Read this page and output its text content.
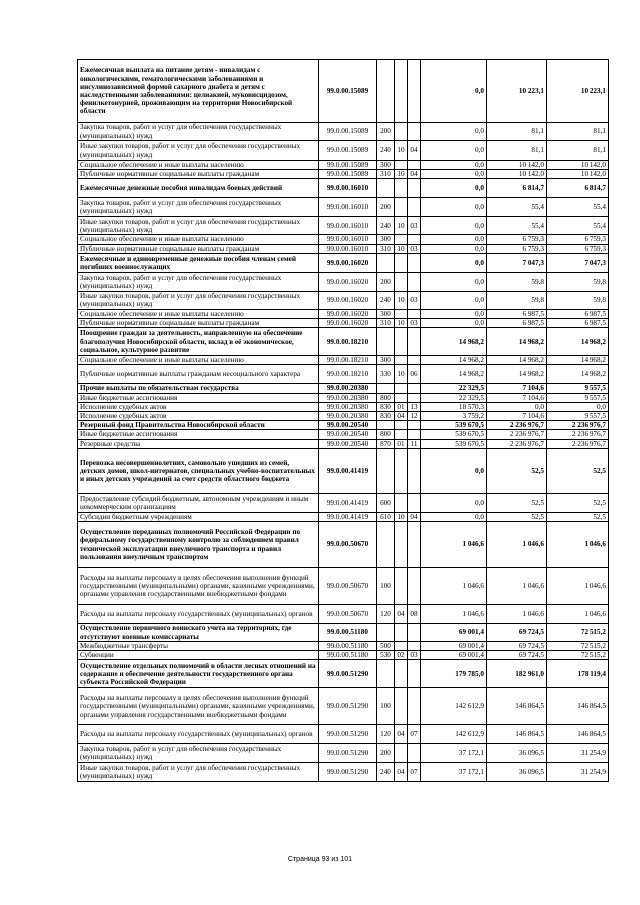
Ежемесячная выплата на питание детям - инвалидам с онкологическими, гематологическими заболеваниями и инсулинозависимой формой сахарного диабета и детям с наследственными заболеваниями: целиакией, муковисцидозом, фенилкетонурией, проживающим на территории Новосибирской области	99.0.00.15089				0,0	10 223,1	10 223,1
Закупка товаров, работ и услуг для обеспечения государственных (муниципальных) нужд	99.0.00.15089	200			0,0	81,1	81,1
Иные закупки товаров, работ и услуг для обеспечения государственных (муниципальных) нужд	99.0.00.15089	240	10	04	0,0	81,1	81,1
Социальное обеспечение и иные выплаты населению	99.0.00.15089	300			0,0	10 142,0	10 142,0
Публичные нормативные социальные выплаты гражданам	99.0.00.15089	310	10	04	0,0	10 142,0	10 142,0
Ежемесячные денежные пособия инвалидам боевых действий	99.0.00.16010				0,0	6 814,7	6 814,7
Закупка товаров, работ и услуг для обеспечения государственных (муниципальных) нужд	99.0.00.16010	200			0,0	55,4	55,4
Иные закупки товаров, работ и услуг для обеспечения государственных (муниципальных) нужд	99.0.00.16010	240	10	03	0,0	55,4	55,4
Социальное обеспечение и иные выплаты населению	99.0.00.16010	300			0,0	6 759,3	6 759,3
Публичные нормативные социальные выплаты гражданам	99.0.00.16010	310	10	03	0,0	6 759,3	6 759,3
Ежемесячные и единовременные денежные пособия членам семей погибших военнослужащих	99.0.00.16020				0,0	7 047,3	7 047,3
Закупка товаров, работ и услуг для обеспечения государственных (муниципальных) нужд	99.0.00.16020	200			0,0	59,8	59,8
Иные закупки товаров, работ и услуг для обеспечения государственных (муниципальных) нужд	99.0.00.16020	240	10	03	0,0	59,8	59,8
Социальное обеспечение и иные выплаты населению	99.0.00.16020	300			0,0	6 987,5	6 987,5
Публичные нормативные социальные выплаты гражданам	99.0.00.16020	310	10	03	0,0	6 987,5	6 987,5
Поощрение граждан за деятельность, направленную на обеспечение благополучия Новосибирской области, вклад в её экономическое, социальное, культурное развитие	99.0.00.18210				14 968,2	14 968,2	14 968,2
Социальное обеспечение и иные выплаты населению	99.0.00.18210	300			14 968,2	14 968,2	14 968,2
Публичные нормативные выплаты гражданам несоциального характера	99.0.00.18210	330	10	06	14 968,2	14 968,2	14 968,2
Прочие выплаты по обязательствам государства	99.0.00.20380				22 329,5	7 104,6	9 557,5
Иные бюджетные ассигнования	99.0.00.20380	800			22 329,5	7 104,6	9 557,5
Исполнение судебных актов	99.0.00.20380	830	01	13	18 570,3	0,0	0,0
Исполнение судебных актов	99.0.00.20380	830	04	12	3 759,2	7 104,6	9 557,5
Резервный фонд Правительства Новосибирской области	99.0.00.20540				539 670,5	2 236 976,7	2 236 976,7
Иные бюджетные ассигнования	99.0.00.20540	800			539 670,5	2 236 976,7	2 236 976,7
Резервные средства	99.0.00.20540	870	01	11	539 670,5	2 236 976,7	2 236 976,7
Перевозка несовершеннолетних, самовольно ушедших из семей, детских домов, школ-интернатов, специальных учебно-воспитательных и иных детских учреждений за счет средств областного бюджета	99.0.00.41419				0,0	52,5	52,5
Предоставление субсидий бюджетным, автономным учреждениям и иным некоммерческим организациям	99.0.00.41419	600			0,0	52,5	52,5
Субсидии бюджетным учреждениям	99.0.00.41419	610	10	04	0,0	52,5	52,5
Осуществление переданных полномочий Российской Федерации по федеральному государственному контролю за соблюдением правил технической эксплуатации внеуличного транспорта и правил пользования внеуличным транспортом	99.0.00.50670				1 046,6	1 046,6	1 046,6
Расходы на выплаты персоналу в целях обеспечения выполнения функций государственными (муниципальными) органами, казенными учреждениями, органами управления государственными внебюджетными фондами	99.0.00.50670	100			1 046,6	1 046,6	1 046,6
Расходы на выплаты персоналу государственных (муниципальных) органов	99.0.00.50670	120	04	08	1 046,6	1 046,6	1 046,6
Осуществление первичного воинского учета на территориях, где отсутствуют военные комиссариаты	99.0.00.51180				69 001,4	69 724,5	72 515,2
Межбюджетные трансферты	99.0.00.51180	500			69 001,4	69 724,5	72 515,2
Субвенции	99.0.00.51180	530	02	03	69 001,4	69 724,5	72 515,2
Осуществление отдельных полномочий в области лесных отношений на содержание и обеспечение деятельности государственного органа субъекта Российской Федерации	99.0.00.51290				179 785,0	182 961,0	178 119,4
Расходы на выплаты персоналу в целях обеспечения выполнения функций государственными (муниципальными) органами, казенными учреждениями, органами управления государственными внебюджетными фондами	99.0.00.51290	100			142 612,9	146 864,5	146 864,5
Расходы на выплаты персоналу государственных (муниципальных) органов	99.0.00.51290	120	04	07	142 612,9	146 864,5	146 864,5
Закупка товаров, работ и услуг для обеспечения государственных (муниципальных) нужд	99.0.00.51290	200			37 172,1	36 096,5	31 254,9
Иные закупки товаров, работ и услуг для обеспечения государственных (муниципальных) нужд	99.0.00.51290	240	04	07	37 172,1	36 096,5	31 254,9
Страница 93 из 101
